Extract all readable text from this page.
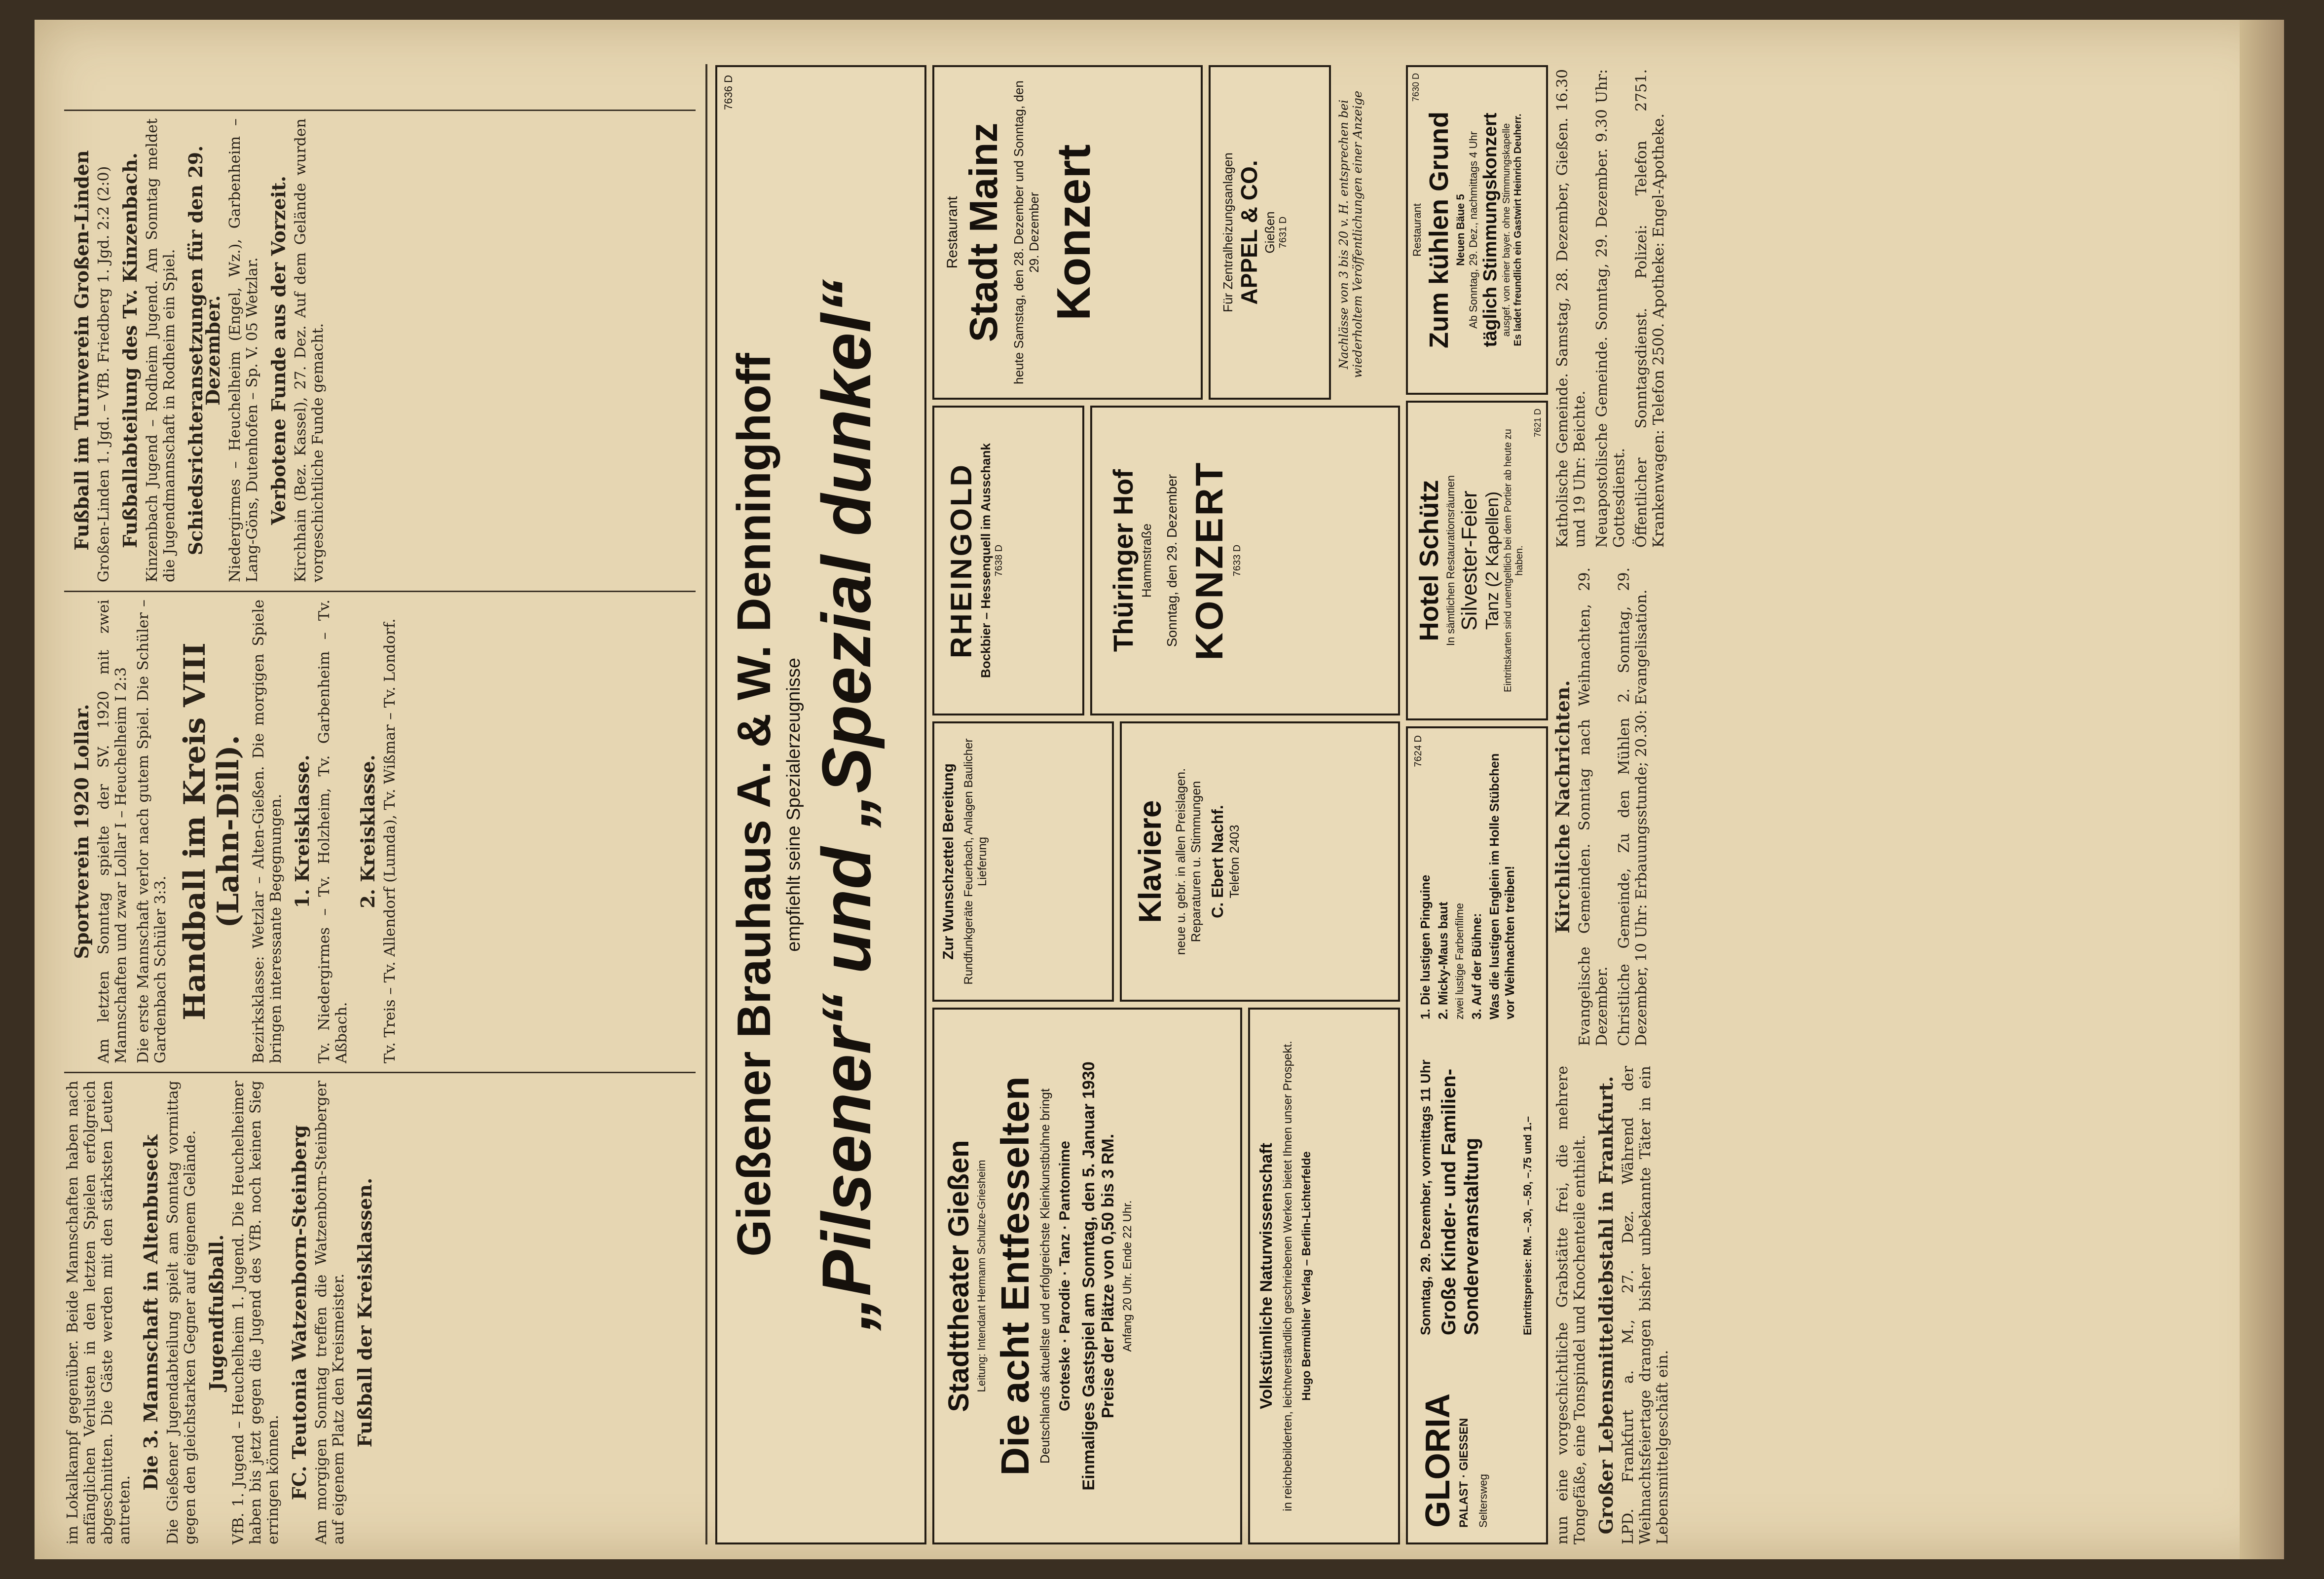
im Lokalkampf gegenüber. Beide Mannschaften haben nach anfänglichen Verlusten in den letzten Spielen erfolgreich abgeschnitten. Die Gäste werden mit den stärksten Leuten antreten.

Die 3. Mannschaft in Altenbuseck Die Gießener Jugendabteilung spielt am Sonntag vormittag gegen den gleichstarken Gegner auf eigenem Gelände. Jugendfußball. VfB. 1. Jugend – Heuchelheim 1. Jugend. Die Heuchelheimer haben bis jetzt gegen die Jugend des VfB. noch keinen Sieg erringen können. FC. Teutonia Watzenborn-Steinberg Am morgigen Sonntag treffen die Watzenborn-Steinberger auf eigenem Platz den Kreismeister. Fußball der Kreisklassen.
Sportverein 1920 Lollar. Am letzten Sonntag spielte der SV. 1920 mit zwei Mannschaften und zwar Lollar I – Heuchelheim I 2:3 Die erste Mannschaft verlor nach gutem Spiel. Die Schüler – Gardenbach Schüler 3:3. Handball im Kreis VIII (Lahn-Dill). Bezirksklasse: Wetzlar – Alten-Gießen. Die morgigen Spiele bringen interessante Begegnungen. 1. Kreisklasse. Tv. Niedergirmes – Tv. Holzheim, Tv. Garbenheim – Tv. Aßbach.

2. Kreisklasse. Tv. Treis – Tv. Allendorf (Lumda), Tv. Wißmar – Tv. Londorf.

Fußball im Turnverein Großen-Linden Großen-Linden 1. Jgd. – VfB. Friedberg 1. Jgd. 2:2 (2:0) Fußballabteilung des Tv. Kinzenbach. Kinzenbach Jugend – Rodheim Jugend. Am Sonntag meldet die Jugendmannschaft in Rodheim ein Spiel. Schiedsrichteransetzungen für den 29. Dezember. Niedergirmes – Heuchelheim (Engel, Wz.), Garbenheim – Lang-Göns, Dutenhofen – Sp. V. 05 Wetzlar. Verbotene Funde aus der Vorzeit. Kirchhain (Bez. Kassel), 27. Dez. Auf dem Gelände wurden vorgeschichtliche Funde gemacht.	Gießener Brauhaus A. & W. Denninghoff empfiehlt seine Spezialerzeugnisse „Pilsener“ und „Spezial dunkel“
7636 D
Stadttheater Gießen Leitung: Intendant Hermann Schultze-Griesheim Die acht Entfesselten Deutschlands aktuellste und erfolgreichste Kleinkunstbühne bringt Groteske · Parodie · Tanz · Pantomime Einmaliges Gastspiel am Sonntag, den 5. Januar 1930 Preise der Plätze von 0,50 bis 3 RM. Anfang 20 Uhr. Ende 22 Uhr.	Volkstümliche Naturwissenschaft in reichbebilderten, leichtverständlich geschriebenen Werken bietet Ihnen unser Prospekt. Hugo Bermühler Verlag – Berlin-Lichterfelde
Zur Wunschzettel Bereitung Rundfunkgeräte Feuerbach, Anlagen Baulicher Lieferung	Klaviere neue u. gebr. in allen Preislagen. Reparaturen u. Stimmungen C. Ebert Nachf. Telefon 2403
RHEINGOLD Bockbier – Hessenquell im Ausschank 7638 D	Thüringer Hof Hammstraße Sonntag, den 29. Dezember KONZERT 7633 D
Restaurant Stadt Mainz heute Samstag, den 28. Dezember und Sonntag, den 29. Dezember Konzert	Für Zentralheizungsanlagen APPEL & CO. Gießen 7631 D	Nachlässe von 3 bis 20 v. H. entsprechen bei wiederholtem Veröffentlichungen einer Anzeige
GLORIA PALAST · GIESSEN Seltersweg
Sonntag, 29. Dezember, vormittags 11 Uhr Große Kinder- und Familien-Sonderveranstaltung
1. Die lustigen Pinguine 2. Micky-Maus baut zwei lustige Farbenfilme 3. Auf der Bühne: Was die lustigen Englein im Holle Stübchen vor Weihnachten treiben!
Eintrittspreise: RM. –.30, –.50, –.75 und 1.–
7624 D
Hotel Schütz In sämtlichen Restaurationsräumen Silvester-Feier Tanz (2 Kapellen) Eintrittskarten sind unentgeltlich bei dem Portier ab heute zu haben.
7621 D
Restaurant Zum kühlen Grund Neuen Bäue 5 Ab Sonntag, 29. Dez., nachmittags 4 Uhr täglich Stimmungskonzert ausgef. von einer bayer. ohne Stimmungskapelle Es ladet freundlich ein Gastwirt Heinrich Deuherr.
7630 D

nun eine vorgeschichtliche Grabstätte frei, die mehrere Tongefäße, eine Tonspindel und Knochenteile enthielt. Großer Lebensmitteldiebstahl in Frankfurt. LPD. Frankfurt a. M., 27. Dez. Während der Weihnachtsfeiertage drangen bisher unbekannte Täter in ein Lebensmittelgeschäft ein.

Kirchliche Nachrichten. Evangelische Gemeinden. Sonntag nach Weihnachten, 29. Dezember. Christliche Gemeinde, Zu den Mühlen 2. Sonntag, 29. Dezember, 10 Uhr: Erbauungsstunde; 20.30: Evangelisation.

Katholische Gemeinde. Samstag, 28. Dezember, Gießen. 16.30 und 19 Uhr: Beichte. Neuapostolische Gemeinde. Sonntag, 29. Dezember. 9.30 Uhr: Gottesdienst. Öffentlicher Sonntagsdienst. Polizei: Telefon 2751. Krankenwagen: Telefon 2500. Apotheke: Engel-Apotheke.
